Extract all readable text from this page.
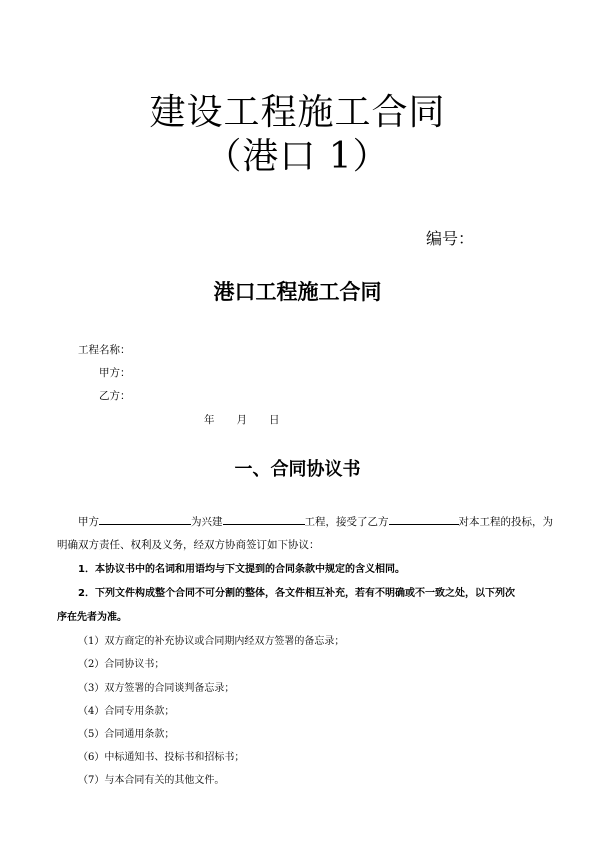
建设工程施工合同
（港口 1）
编号：
港口工程施工合同
工程名称：
甲方：
乙方：
年 月 日
一、合同协议书
甲方	为兴建	工程，接受了乙方	对本工程的投标，为
明确双方责任、权利及义务，经双方协商签订如下协议：
1．本协议书中的名词和用语均与下文提到的合同条款中规定的含义相同。
2．下列文件构成整个合同不可分割的整体，各文件相互补充，若有不明确或不一致之处，以下列次
序在先者为准。
（1）双方商定的补充协议或合同期内经双方签署的备忘录；
（2）合同协议书；
（3）双方签署的合同谈判备忘录；
（4）合同专用条款；
（5）合同通用条款；
（6）中标通知书、投标书和招标书；
（7）与本合同有关的其他文件。
